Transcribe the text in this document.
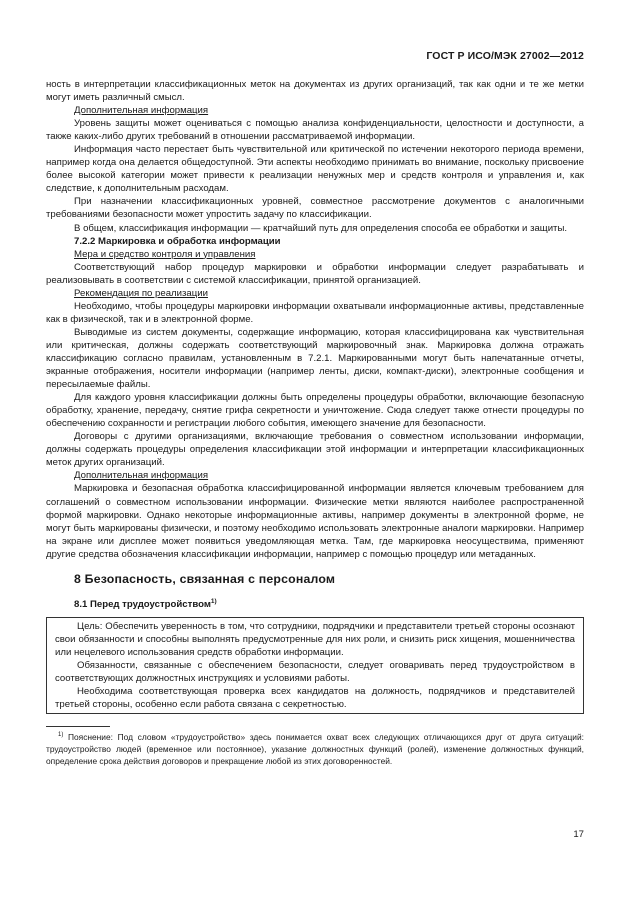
ГОСТ Р ИСО/МЭК 27002—2012

ность в интерпретации классификационных меток на документах из других организаций, так как одни и те же метки могут иметь различный смысл.

Дополнительная информация

Уровень защиты может оцениваться с помощью анализа конфиденциальности, целостности и доступности, а также каких-либо других требований в отношении рассматриваемой информации.

Информация часто перестает быть чувствительной или критической по истечении некоторого периода времени, например когда она делается общедоступной. Эти аспекты необходимо принимать во внимание, поскольку присвоение более высокой категории может привести к реализации ненужных мер и средств контроля и управления и, как следствие, к дополнительным расходам.

При назначении классификационных уровней, совместное рассмотрение документов с аналогичными требованиями безопасности может упростить задачу по классификации.

В общем, классификация информации — кратчайший путь для определения способа ее обработки и защиты.

7.2.2 Маркировка и обработка информации

Мера и средство контроля и управления

Соответствующий набор процедур маркировки и обработки информации следует разрабатывать и реализовывать в соответствии с системой классификации, принятой организацией.

Рекомендация по реализации

Необходимо, чтобы процедуры маркировки информации охватывали информационные активы, представленные как в физической, так и в электронной форме.

Выводимые из систем документы, содержащие информацию, которая классифицирована как чувствительная или критическая, должны содержать соответствующий маркировочный знак. Маркировка должна отражать классификацию согласно правилам, установленным в 7.2.1. Маркированными могут быть напечатанные отчеты, экранные отображения, носители информации (например ленты, диски, компакт-диски), электронные сообщения и пересылаемые файлы.

Для каждого уровня классификации должны быть определены процедуры обработки, включающие безопасную обработку, хранение, передачу, снятие грифа секретности и уничтожение. Сюда следует также отнести процедуры по обеспечению сохранности и регистрации любого события, имеющего значение для безопасности.

Договоры с другими организациями, включающие требования о совместном использовании информации, должны содержать процедуры определения классификации этой информации и интерпретации классификационных меток других организаций.

Дополнительная информация

Маркировка и безопасная обработка классифицированной информации является ключевым требованием для соглашений о совместном использовании информации. Физические метки являются наиболее распространенной формой маркировки. Однако некоторые информационные активы, например документы в электронной форме, не могут быть маркированы физически, и поэтому необходимо использовать электронные аналоги маркировки. Например на экране или дисплее может появиться уведомляющая метка. Там, где маркировка неосуществима, применяют другие средства обозначения классификации информации, например с помощью процедур или метаданных.

8 Безопасность, связанная с персоналом

8.1 Перед трудоустройством$^{1)}$

Цель: Обеспечить уверенность в том, что сотрудники, подрядчики и представители третьей стороны осознают свои обязанности и способны выполнять предусмотренные для них роли, и снизить риск хищения, мошенничества или нецелевого использования средств обработки информации.

Обязанности, связанные с обеспечением безопасности, следует оговаривать перед трудоустройством в соответствующих должностных инструкциях и условиями работы.

Необходима соответствующая проверка всех кандидатов на должность, подрядчиков и представителей третьей стороны, особенно если работа связана с секретностью.

$^{1)}$ Пояснение: Под словом «трудоустройство» здесь понимается охват всех следующих отличающихся друг от друга ситуаций: трудоустройство людей (временное или постоянное), указание должностных функций (ролей), изменение должностных функций, определение срока действия договоров и прекращение любой из этих договоренностей.

17
